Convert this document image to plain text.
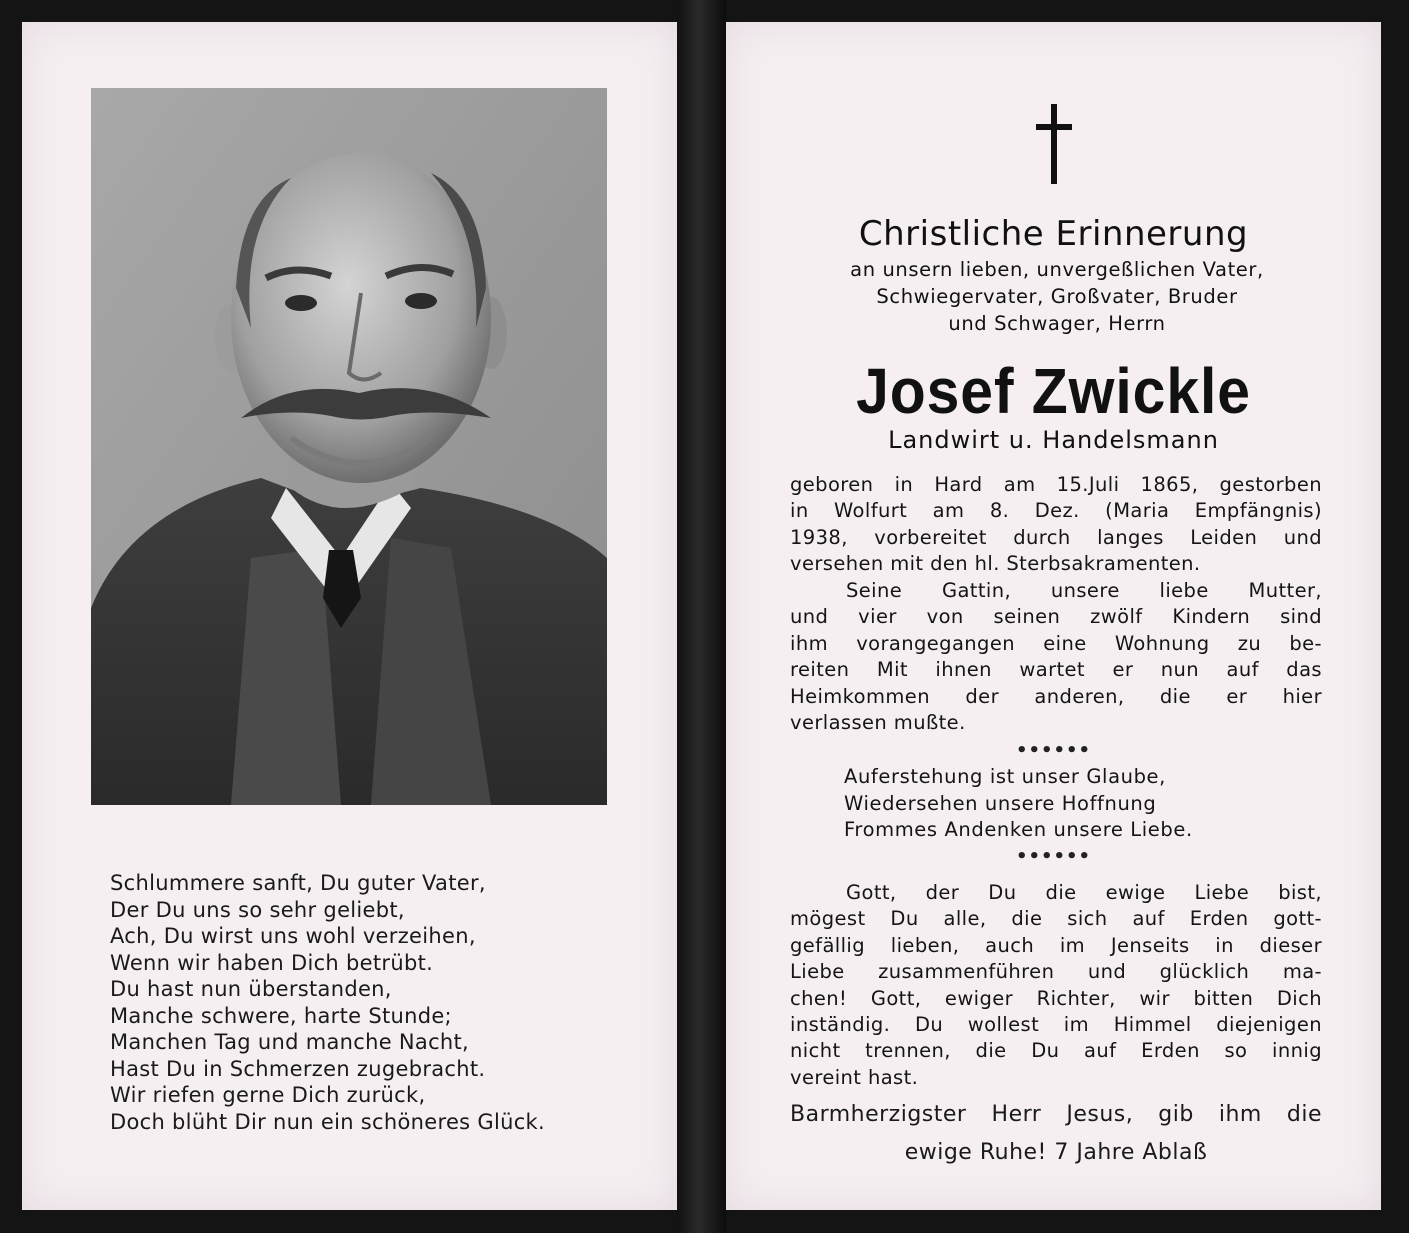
Schlummere sanft, Du guter Vater,
Der Du uns so sehr geliebt,
Ach, Du wirst uns wohl verzeihen,
Wenn wir haben Dich betrübt.
Du hast nun überstanden,
Manche schwere, harte Stunde;
Manchen Tag und manche Nacht,
Hast Du in Schmerzen zugebracht.
Wir riefen gerne Dich zurück,
Doch blüht Dir nun ein schöneres Glück.
Christliche Erinnerung
an unsern lieben, unvergeßlichen Vater,
Schwiegervater, Großvater, Bruder
und Schwager, Herrn
Josef Zwickle
Landwirt u. Handelsmann
geboren in Hard am 15.Juli 1865, gestorben
in Wolfurt am 8. Dez. (Maria Empfängnis)
1938, vorbereitet durch langes Leiden und
versehen mit den hl. Sterbsakramenten.
Seine Gattin, unsere liebe Mutter,
und vier von seinen zwölf Kindern sind
ihm vorangegangen eine Wohnung zu be-
reiten Mit ihnen wartet er nun auf das
Heimkommen der anderen, die er hier
verlassen mußte.
••••••
Auferstehung ist unser Glaube,
Wiedersehen unsere Hoffnung
Frommes Andenken unsere Liebe.
••••••
Gott, der Du die ewige Liebe bist,
mögest Du alle, die sich auf Erden gott-
gefällig lieben, auch im Jenseits in dieser
Liebe zusammenführen und glücklich ma-
chen! Gott, ewiger Richter, wir bitten Dich
inständig. Du wollest im Himmel diejenigen
nicht trennen, die Du auf Erden so innig
vereint hast.
Barmherzigster Herr Jesus, gib ihm die
ewige Ruhe! 7 Jahre Ablaß
